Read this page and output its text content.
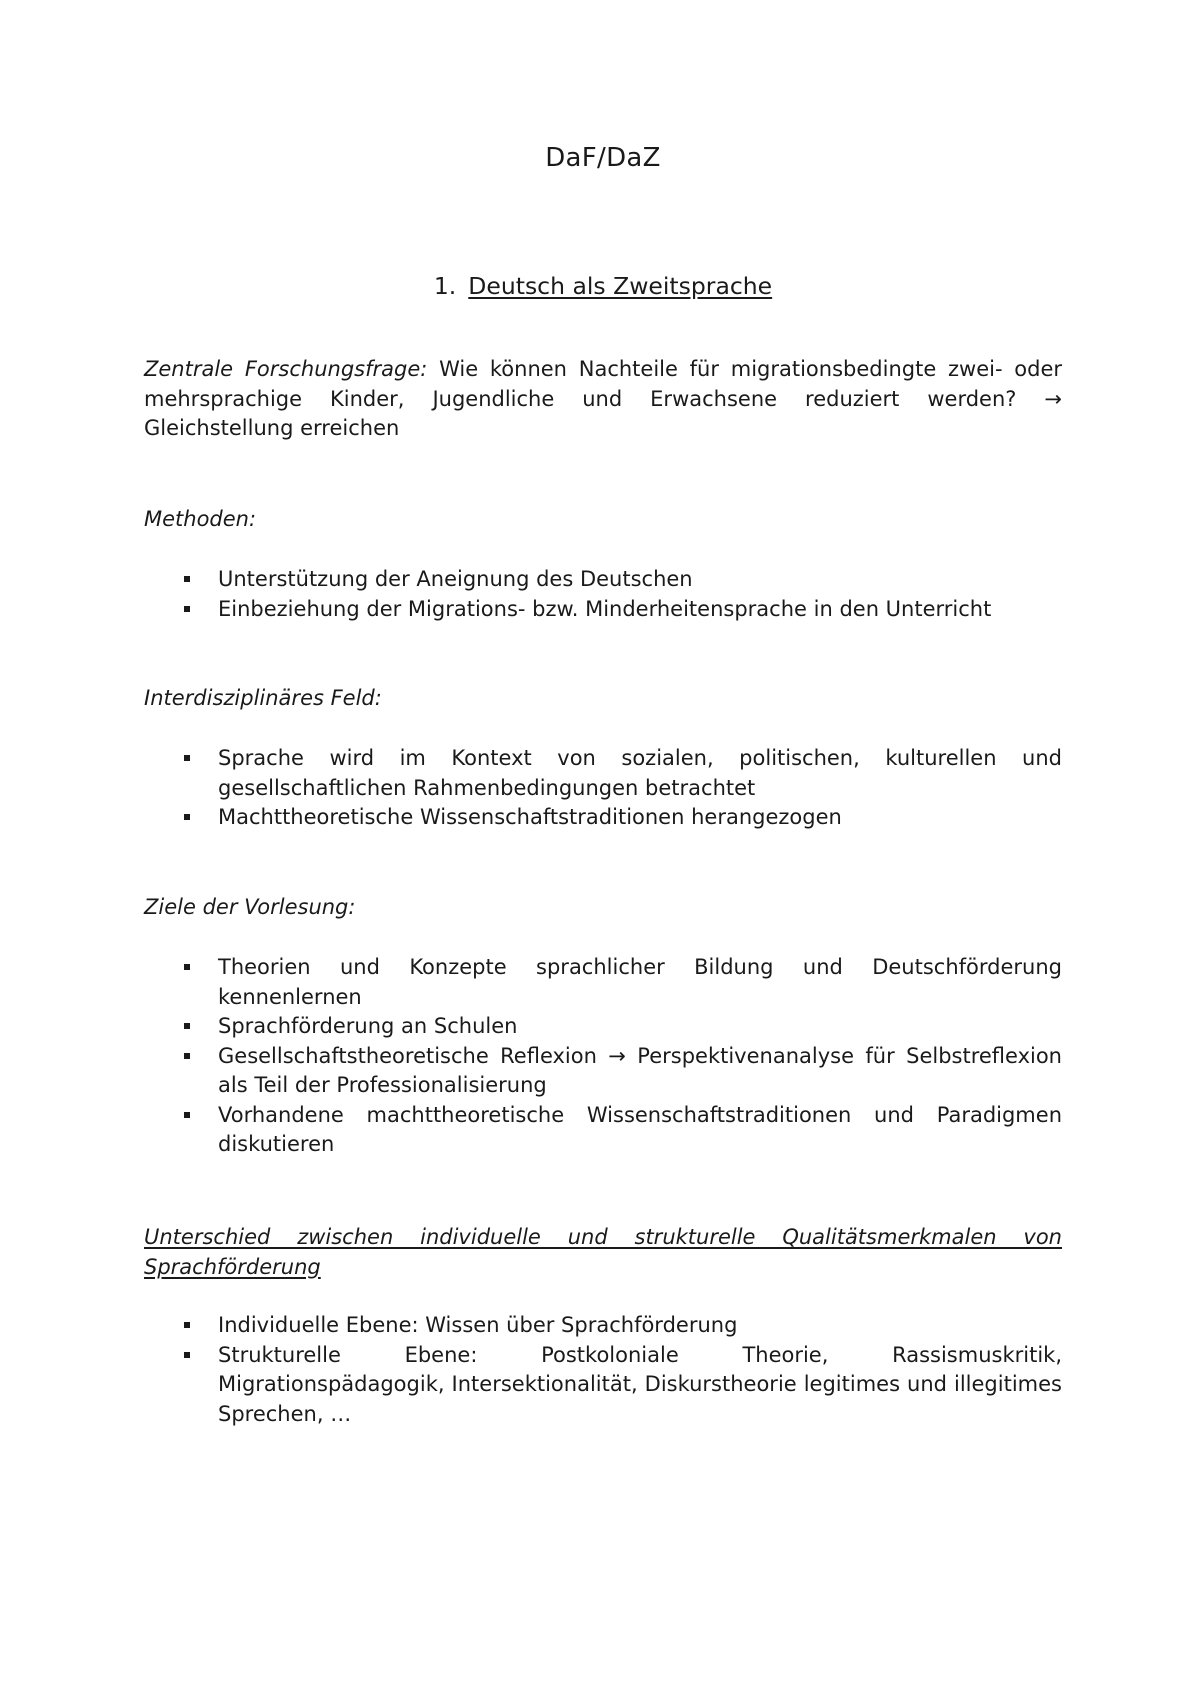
DaF/DaZ
1. Deutsch als Zweitsprache
Zentrale Forschungsfrage: Wie können Nachteile für migrationsbedingte zwei- oder mehrsprachige Kinder, Jugendliche und Erwachsene reduziert werden? → Gleichstellung erreichen
Methoden:
Unterstützung der Aneignung des Deutschen
Einbeziehung der Migrations- bzw. Minderheitensprache in den Unterricht
Interdisziplinäres Feld:
Sprache wird im Kontext von sozialen, politischen, kulturellen und gesellschaftlichen Rahmenbedingungen betrachtet
Machttheoretische Wissenschaftstraditionen herangezogen
Ziele der Vorlesung:
Theorien und Konzepte sprachlicher Bildung und Deutschförderung kennenlernen
Sprachförderung an Schulen
Gesellschaftstheoretische Reflexion → Perspektivenanalyse für Selbstreflexion als Teil der Professionalisierung
Vorhandene machttheoretische Wissenschaftstraditionen und Paradigmen diskutieren
Unterschied zwischen individuelle und strukturelle Qualitätsmerkmalen von Sprachförderung
Individuelle Ebene: Wissen über Sprachförderung
Strukturelle Ebene: Postkoloniale Theorie, Rassismuskritik, Migrationspädagogik, Intersektionalität, Diskurstheorie legitimes und illegitimes Sprechen, …
